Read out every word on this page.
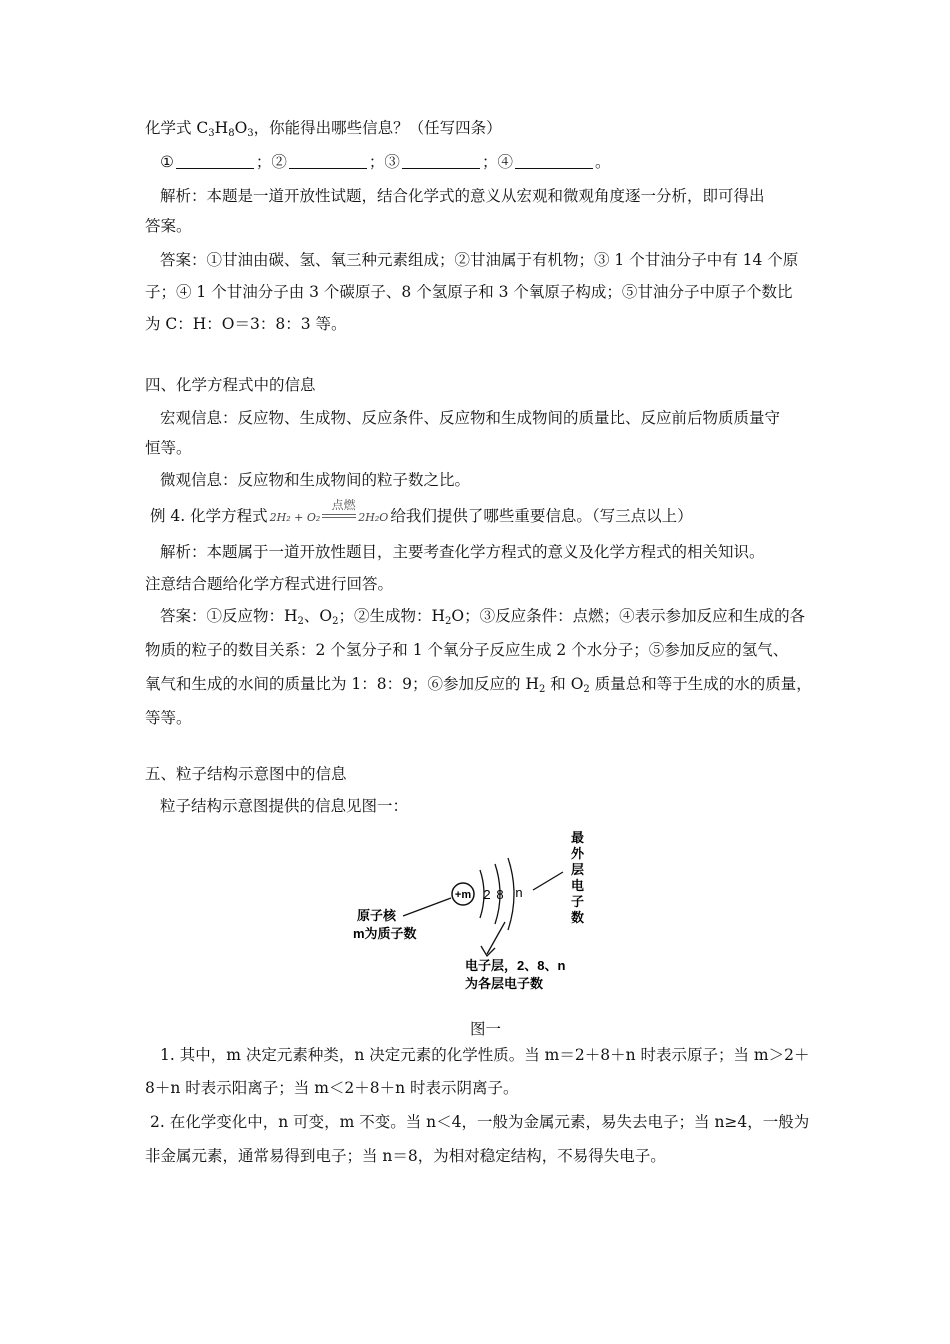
化学式 $C_3H_8O_3$，你能得出哪些信息？（任写四条）
①	；②	；③	；④	。
解析：本题是一道开放性试题，结合化学式的意义从宏观和微观角度逐一分析，即可得出
答案。
答案：①甘油由碳、氢、氧三种元素组成；②甘油属于有机物；③ 1 个甘油分子中有 14 个原
子；④ 1 个甘油分子由 3 个碳原子、8 个氢原子和 3 个氧原子构成；⑤甘油分子中原子个数比
为 C：H：O＝3：8：3 等。
四、化学方程式中的信息
宏观信息：反应物、生成物、反应条件、反应物和生成物间的质量比、反应前后物质质量守
恒等。
微观信息：反应物和生成物间的粒子数之比。
例 4. 化学方程式 2H₂ + O₂
点燃
2H₂O 给我们提供了哪些重要信息。（写三点以上）
解析：本题属于一道开放性题目，主要考查化学方程式的意义及化学方程式的相关知识。
注意结合题给化学方程式进行回答。
答案：①反应物：$H_2$、$O_2$；②生成物：$H_2O$；③反应条件：点燃；④表示参加反应和生成的各
物质的粒子的数目关系：2 个氢分子和 1 个氧分子反应生成 2 个水分子；⑤参加反应的氢气、
氧气和生成的水间的质量比为 1：8：9；⑥参加反应的 $H_2$ 和 $O_2$ 质量总和等于生成的水的质量，
等等。
五、粒子结构示意图中的信息
粒子结构示意图提供的信息见图一：
+m 2 8 n
最
外
层
电
子
数
原子核
m为质子数
电子层，2、8、n
为各层电子数
图一
1. 其中，m 决定元素种类，n 决定元素的化学性质。当 m＝2＋8＋n 时表示原子；当 m＞2＋
8＋n 时表示阳离子；当 m＜2＋8＋n 时表示阴离子。
2. 在化学变化中，n 可变，m 不变。当 n＜4，一般为金属元素，易失去电子；当 n≥4，一般为
非金属元素，通常易得到电子；当 n＝8，为相对稳定结构，不易得失电子。
